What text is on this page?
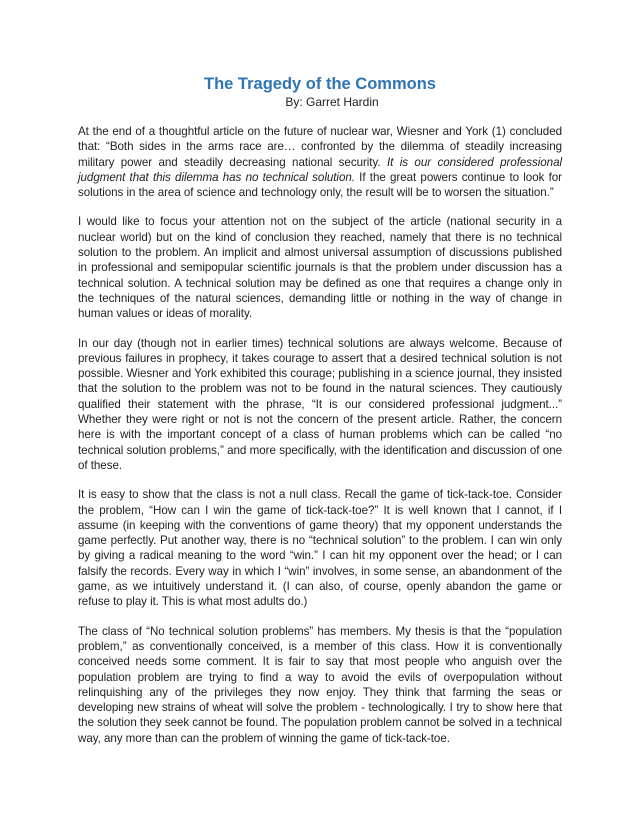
The Tragedy of the Commons

By: Garret Hardin

At the end of a thoughtful article on the future of nuclear war, Wiesner and York (1) concluded that: “Both sides in the arms race are… confronted by the dilemma of steadily increasing military power and steadily decreasing national security. It is our considered professional judgment that this dilemma has no technical solution. If the great powers continue to look for solutions in the area of science and technology only, the result will be to worsen the situation.”

I would like to focus your attention not on the subject of the article (national security in a nuclear world) but on the kind of conclusion they reached, namely that there is no technical solution to the problem. An implicit and almost universal assumption of discussions published in professional and semipopular scientific journals is that the problem under discussion has a technical solution. A technical solution may be defined as one that requires a change only in the techniques of the natural sciences, demanding little or nothing in the way of change in human values or ideas of morality.

In our day (though not in earlier times) technical solutions are always welcome. Because of previous failures in prophecy, it takes courage to assert that a desired technical solution is not possible. Wiesner and York exhibited this courage; publishing in a science journal, they insisted that the solution to the problem was not to be found in the natural sciences. They cautiously qualified their statement with the phrase, “It is our considered professional judgment...” Whether they were right or not is not the concern of the present article. Rather, the concern here is with the important concept of a class of human problems which can be called “no technical solution problems,” and more specifically, with the identification and discussion of one of these.

It is easy to show that the class is not a null class. Recall the game of tick-tack-toe. Consider the problem, “How can I win the game of tick-tack-toe?” It is well known that I cannot, if I assume (in keeping with the conventions of game theory) that my opponent understands the game perfectly. Put another way, there is no “technical solution” to the problem. I can win only by giving a radical meaning to the word “win.” I can hit my opponent over the head; or I can falsify the records. Every way in which I “win” involves, in some sense, an abandonment of the game, as we intuitively understand it. (I can also, of course, openly abandon the game or refuse to play it. This is what most adults do.)

The class of “No technical solution problems” has members. My thesis is that the “population problem,” as conventionally conceived, is a member of this class. How it is conventionally conceived needs some comment. It is fair to say that most people who anguish over the population problem are trying to find a way to avoid the evils of overpopulation without relinquishing any of the privileges they now enjoy. They think that farming the seas or developing new strains of wheat will solve the problem - technologically. I try to show here that the solution they seek cannot be found. The population problem cannot be solved in a technical way, any more than can the problem of winning the game of tick-tack-toe.
